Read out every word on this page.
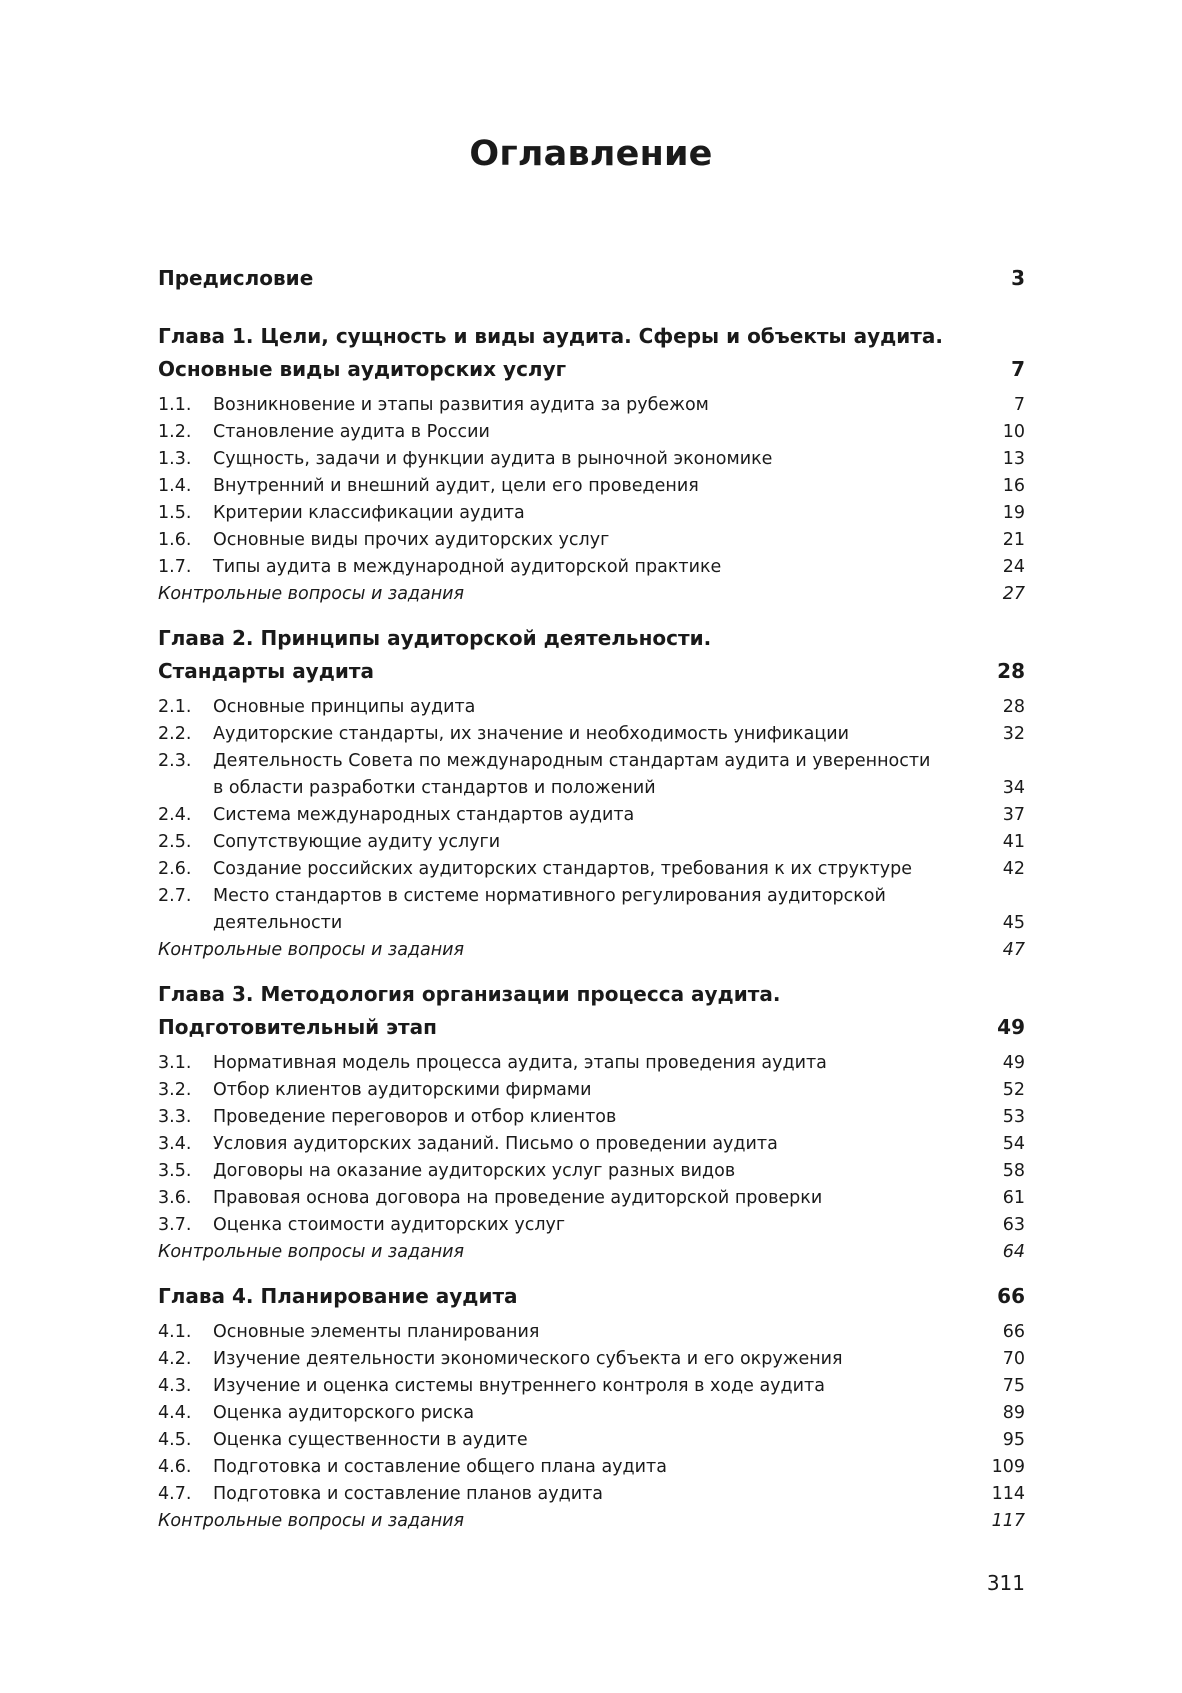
Оглавление
Предисловие	3
Глава 1. Цели, сущность и виды аудита. Сферы и объекты аудита.
Основные виды аудиторских услуг	7
1.1.	Возникновение и этапы развития аудита за рубежом	7
1.2.	Становление аудита в России	10
1.3.	Сущность, задачи и функции аудита в рыночной экономике	13
1.4.	Внутренний и внешний аудит, цели его проведения	16
1.5.	Критерии классификации аудита	19
1.6.	Основные виды прочих аудиторских услуг	21
1.7.	Типы аудита в международной аудиторской практике	24
Контрольные вопросы и задания	27
Глава 2. Принципы аудиторской деятельности.
Стандарты аудита	28
2.1.	Основные принципы аудита	28
2.2.	Аудиторские стандарты, их значение и необходимость унификации	32
2.3.	Деятельность Совета по международным стандартам аудита и уверенности
в области разработки стандартов и положений	34
2.4.	Система международных стандартов аудита	37
2.5.	Сопутствующие аудиту услуги	41
2.6.	Создание российских аудиторских стандартов, требования к их структуре	42
2.7.	Место стандартов в системе нормативного регулирования аудиторской
деятельности	45
Контрольные вопросы и задания	47
Глава 3. Методология организации процесса аудита.
Подготовительный этап	49
3.1.	Нормативная модель процесса аудита, этапы проведения аудита	49
3.2.	Отбор клиентов аудиторскими фирмами	52
3.3.	Проведение переговоров и отбор клиентов	53
3.4.	Условия аудиторских заданий. Письмо о проведении аудита	54
3.5.	Договоры на оказание аудиторских услуг разных видов	58
3.6.	Правовая основа договора на проведение аудиторской проверки	61
3.7.	Оценка стоимости аудиторских услуг	63
Контрольные вопросы и задания	64
Глава 4. Планирование аудита	66
4.1.	Основные элементы планирования	66
4.2.	Изучение деятельности экономического субъекта и его окружения	70
4.3.	Изучение и оценка системы внутреннего контроля в ходе аудита	75
4.4.	Оценка аудиторского риска	89
4.5.	Оценка существенности в аудите	95
4.6.	Подготовка и составление общего плана аудита	109
4.7.	Подготовка и составление планов аудита	114
Контрольные вопросы и задания	117
311
